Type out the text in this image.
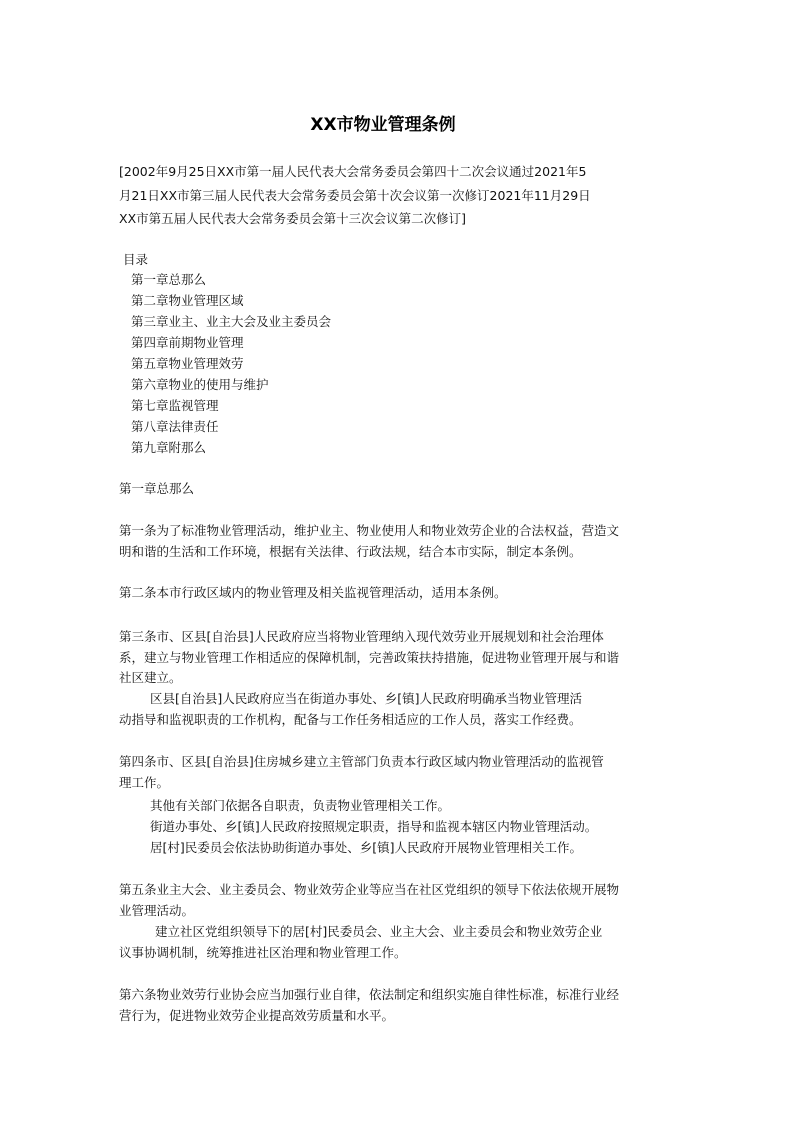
XX市物业管理条例
[2002年9月25日XX市第一届人民代表大会常务委员会第四十二次会议通过2021年5
月21日XX市第三届人民代表大会常务委员会第十次会议第一次修订2021年11月29日
XX市第五届人民代表大会常务委员会第十三次会议第二次修订]
目录
第一章总那么
第二章物业管理区域
第三章业主、业主大会及业主委员会
第四章前期物业管理
第五章物业管理效劳
第六章物业的使用与维护
第七章监视管理
第八章法律责任
第九章附那么
第一章总那么
第一条为了标准物业管理活动，维护业主、物业使用人和物业效劳企业的合法权益，营造文
明和谐的生活和工作环境，根据有关法律、行政法规，结合本市实际，制定本条例。
第二条本市行政区域内的物业管理及相关监视管理活动，适用本条例。
第三条市、区县[自治县]人民政府应当将物业管理纳入现代效劳业开展规划和社会治理体
系，建立与物业管理工作相适应的保障机制，完善政策扶持措施，促进物业管理开展与和谐
社区建立。
区县[自治县]人民政府应当在街道办事处、乡[镇]人民政府明确承当物业管理活
动指导和监视职责的工作机构，配备与工作任务相适应的工作人员，落实工作经费。
第四条市、区县[自治县]住房城乡建立主管部门负责本行政区域内物业管理活动的监视管
理工作。
其他有关部门依据各自职责，负责物业管理相关工作。
街道办事处、乡[镇]人民政府按照规定职责，指导和监视本辖区内物业管理活动。
居[村]民委员会依法协助街道办事处、乡[镇]人民政府开展物业管理相关工作。
第五条业主大会、业主委员会、物业效劳企业等应当在社区党组织的领导下依法依规开展物
业管理活动。
建立社区党组织领导下的居[村]民委员会、业主大会、业主委员会和物业效劳企业
议事协调机制，统筹推进社区治理和物业管理工作。
第六条物业效劳行业协会应当加强行业自律，依法制定和组织实施自律性标准，标准行业经
营行为，促进物业效劳企业提高效劳质量和水平。
